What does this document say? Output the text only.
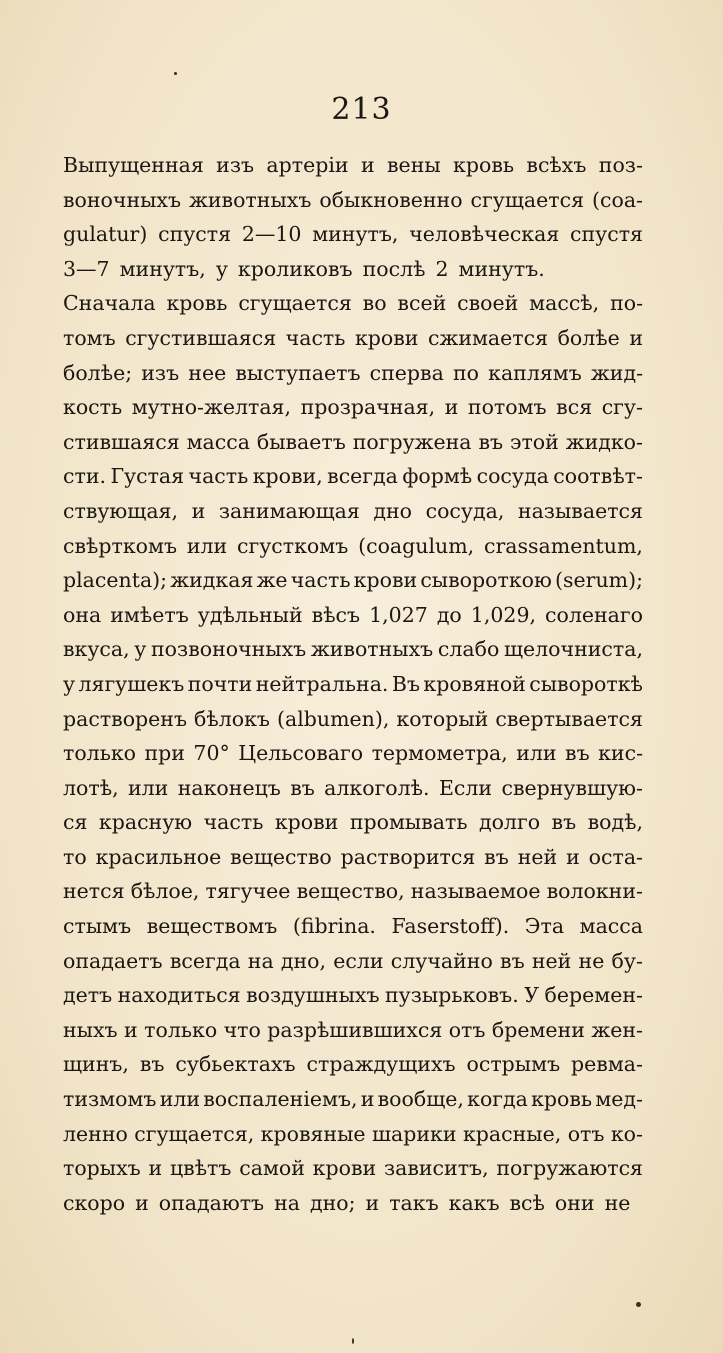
213
Выпущенная изъ артеріи и вены кровь всѣхъ поз-
воночныхъ животныхъ обыкновенно сгущается (coa-
gulatur) спустя 2—10 минутъ, человѣческая спустя
3—7 минутъ, у кроликовъ послѣ 2 минутъ.
Сначала кровь сгущается во всей своей массѣ, по-
томъ сгустившаяся часть крови сжимается болѣе и
болѣе; изъ нее выступаетъ сперва по каплямъ жид-
кость мутно-желтая, прозрачная, и потомъ вся сгу-
стившаяся масса бываетъ погружена въ этой жидко-
сти. Густая часть крови, всегда формѣ сосуда соотвѣт-
ствующая, и занимающая дно сосуда, называется
свѣрткомъ или сгусткомъ (coagulum, crassamentum,
placenta); жидкая же часть крови сывороткою (serum);
она имѣетъ удѣльный вѣсъ 1,027 до 1,029, соленаго
вкуса, у позвоночныхъ животныхъ слабо щелочниста,
у лягушекъ почти нейтральна. Въ кровяной сывороткѣ
растворенъ бѣлокъ (albumen), который свертывается
только при 70° Цельсоваго термометра, или въ кис-
лотѣ, или наконецъ въ алкоголѣ. Если свернувшую-
ся красную часть крови промывать долго въ водѣ,
то красильное вещество растворится въ ней и оста-
нется бѣлое, тягучее вещество, называемое волокни-
стымъ веществомъ (fibrina. Faserstoff). Эта масса
опадаетъ всегда на дно, если случайно въ ней не бу-
детъ находиться воздушныхъ пузырьковъ. У беремен-
ныхъ и только что разрѣшившихся отъ бремени жен-
щинъ, въ субьектахъ страждущихъ острымъ ревма-
тизмомъ или воспаленiемъ, и вообще, когда кровь мед-
ленно сгущается, кровяные шарики красные, отъ ко-
торыхъ и цвѣтъ самой крови зависитъ, погружаются
скоро и опадаютъ на дно; и такъ какъ всѣ они не
